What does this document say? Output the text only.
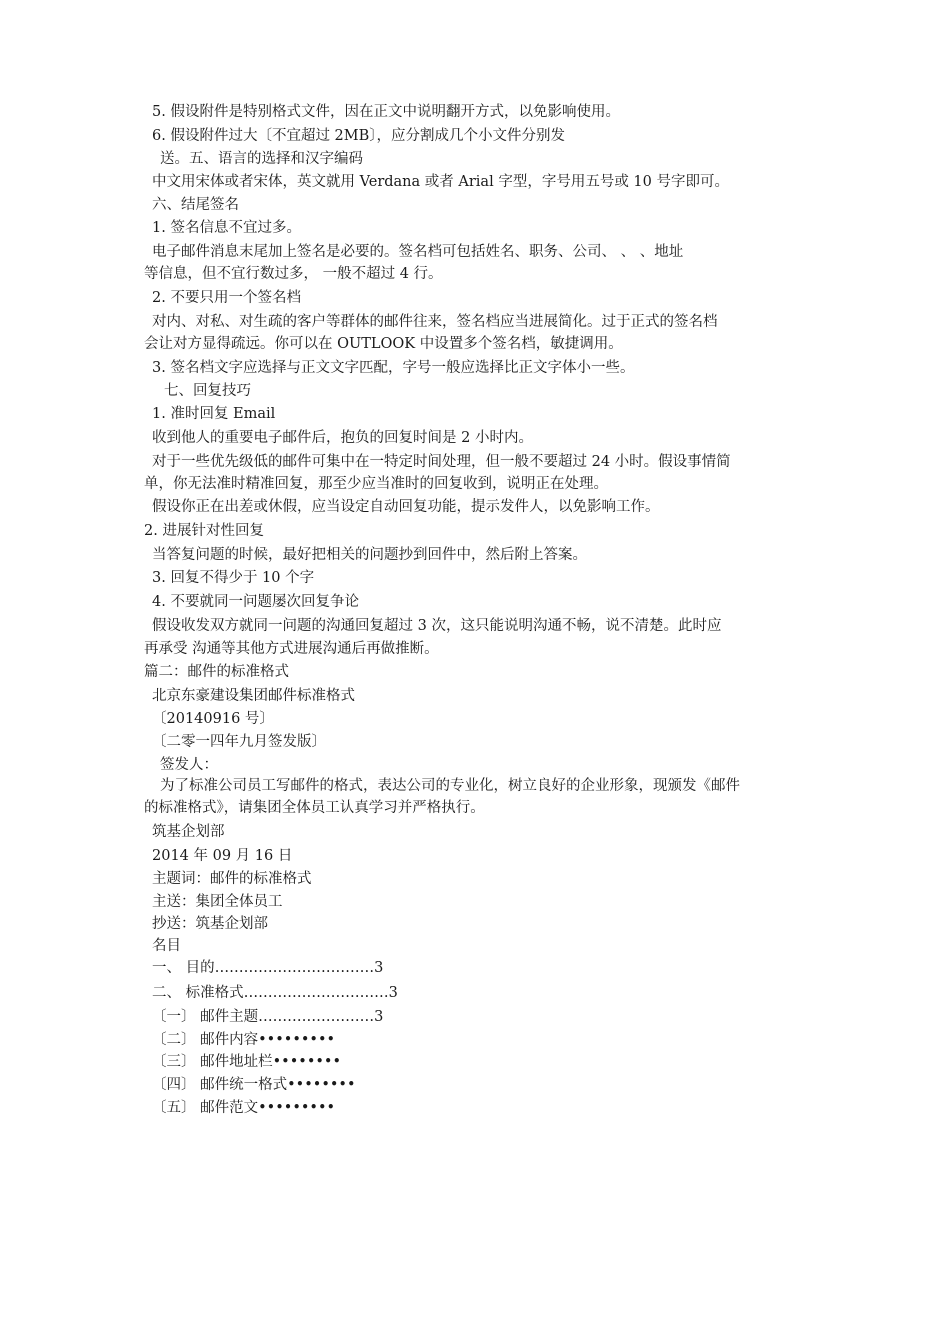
5. 假设附件是特别格式文件，因在正文中说明翻开方式，以免影响使用。
6. 假设附件过大〔不宜超过 2MB〕，应分割成几个小文件分别发
送。五、语言的选择和汉字编码
中文用宋体或者宋体，英文就用 Verdana 或者 Arial 字型，字号用五号或 10 号字即可。
六、结尾签名
1. 签名信息不宜过多。
电子邮件消息末尾加上签名是必要的。签名档可包括姓名、职务、公司、 、 、地址
等信息，但不宜行数过多， 一般不超过 4 行。
2. 不要只用一个签名档
对内、对私、对生疏的客户等群体的邮件往来，签名档应当进展简化。过于正式的签名档
会让对方显得疏远。你可以在 OUTLOOK 中设置多个签名档，敏捷调用。
3. 签名档文字应选择与正文文字匹配，字号一般应选择比正文字体小一些。
七、回复技巧
1. 准时回复 Email
收到他人的重要电子邮件后，抱负的回复时间是 2 小时内。
对于一些优先级低的邮件可集中在一特定时间处理，但一般不要超过 24 小时。假设事情简
单，你无法准时精准回复，那至少应当准时的回复收到，说明正在处理。
假设你正在出差或休假，应当设定自动回复功能，提示发件人，以免影响工作。
2. 进展针对性回复
当答复问题的时候，最好把相关的问题抄到回件中，然后附上答案。
3. 回复不得少于 10 个字
4. 不要就同一问题屡次回复争论
假设收发双方就同一问题的沟通回复超过 3 次，这只能说明沟通不畅，说不清楚。此时应
再承受 沟通等其他方式进展沟通后再做推断。
篇二：邮件的标准格式
北京东豪建设集团邮件标准格式
〔20140916 号〕
〔二零一四年九月签发版〕
签发人：
为了标准公司员工写邮件的格式，表达公司的专业化，树立良好的企业形象，现颁发《邮件
的标准格式》，请集团全体员工认真学习并严格执行。
筑基企划部
2014 年 09 月 16 日
主题词：邮件的标准格式
主送：集团全体员工
抄送：筑基企划部
名目
一、 目的……………………………3
二、 标准格式…………………………3
〔一〕 邮件主题……………………3
〔二〕 邮件内容•••••••••
〔三〕 邮件地址栏••••••••
〔四〕 邮件统一格式••••••••
〔五〕 邮件范文•••••••••
